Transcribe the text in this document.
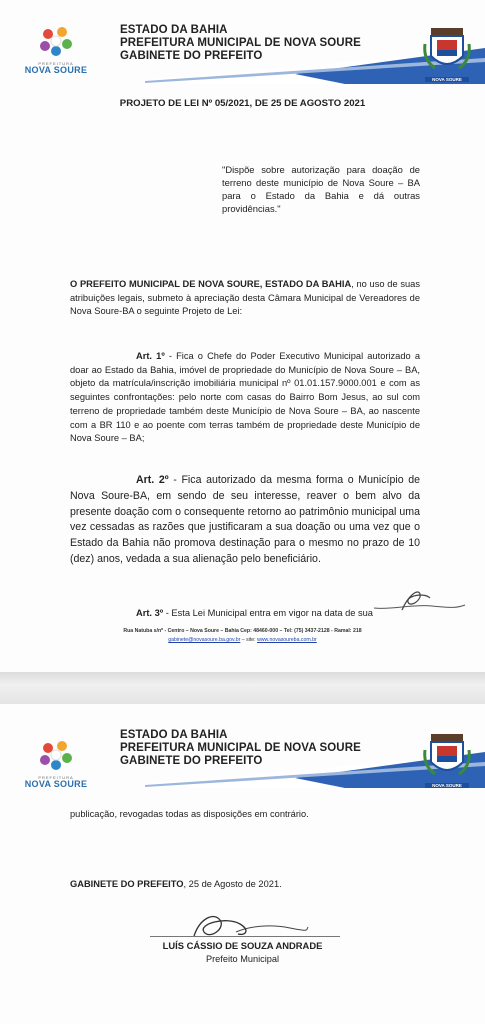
PREFEITURA
NOVA SOURE
ESTADO DA BAHIA
PREFEITURA MUNICIPAL DE NOVA SOURE
GABINETE DO PREFEITO
NOVA SOURE
PROJETO DE LEI Nº 05/2021, DE 25 DE AGOSTO 2021
"Dispõe sobre autorização para doação de terreno deste município de Nova Soure – BA para o Estado da Bahia e dá outras providências."
O PREFEITO MUNICIPAL DE NOVA SOURE, ESTADO DA BAHIA, no uso de suas atribuições legais, submeto à apreciação desta Câmara Municipal de Vereadores de Nova Soure-BA o seguinte Projeto de Lei:
Art. 1º - Fica o Chefe do Poder Executivo Municipal autorizado a doar ao Estado da Bahia, imóvel de propriedade do Município de Nova Soure – BA, objeto da matrícula/inscrição imobiliária municipal nº 01.01.157.9000.001 e com as seguintes confrontações: pelo norte com casas do Bairro Bom Jesus, ao sul com terreno de propriedade também deste Município de Nova Soure – BA, ao nascente com a BR 110 e ao poente com terras também de propriedade deste Município de Nova Soure – BA;
Art. 2º - Fica autorizado da mesma forma o Município de Nova Soure-BA, em sendo de seu interesse, reaver o bem alvo da presente doação com o consequente retorno ao patrimônio municipal uma vez cessadas as razões que justificaram a sua doação ou uma vez que o Estado da Bahia não promova destinação para o mesmo no prazo de 10 (dez) anos, vedada a sua alienação pelo beneficiário.
Art. 3º - Esta Lei Municipal entra em vigor na data de sua
Rua Natuba s/nº - Centro – Nova Soure – Bahia Cep: 48460-000 – Tel: (75) 3437-2128 - Ramal: 218
gabinete@novasoure.ba.gov.br – site: www.novasoureba.com.br
PREFEITURA
NOVA SOURE
ESTADO DA BAHIA
PREFEITURA MUNICIPAL DE NOVA SOURE
GABINETE DO PREFEITO
NOVA SOURE
publicação, revogadas todas as disposições em contrário.
GABINETE DO PREFEITO, 25 de Agosto de 2021.
LUÍS CÁSSIO DE SOUZA ANDRADE
Prefeito Municipal
